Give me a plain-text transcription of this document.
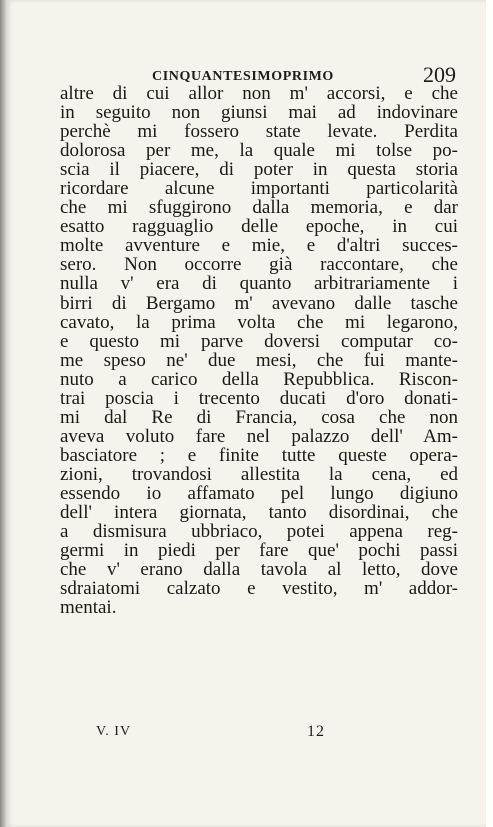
CINQUANTESIMOPRIMO	209
altre di cui allor non m' accorsi, e che
in seguito non giunsi mai ad indovinare
perchè mi fossero state levate. Perdita
dolorosa per me, la quale mi tolse po-
scia il piacere, di poter in questa storia
ricordare alcune importanti particolarità
che mi sfuggirono dalla memoria, e dar
esatto ragguaglio delle epoche, in cui
molte avventure e mie, e d'altri succes-
sero. Non occorre già raccontare, che
nulla v' era di quanto arbitrariamente i
birri di Bergamo m' avevano dalle tasche
cavato, la prima volta che mi legarono,
e questo mi parve doversi computar co-
me speso ne' due mesi, che fui mante-
nuto a carico della Repubblica. Riscon-
trai poscia i trecento ducati d'oro donati-
mi dal Re di Francia, cosa che non
aveva voluto fare nel palazzo dell' Am-
basciatore ; e finite tutte queste opera-
zioni, trovandosi allestita la cena, ed
essendo io affamato pel lungo digiuno
dell' intera giornata, tanto disordinai, che
a dismisura ubbriaco, potei appena reg-
germi in piedi per fare que' pochi passi
che v' erano dalla tavola al letto, dove
sdraiatomi calzato e vestito, m' addor-
mentai.
V. IV	12
